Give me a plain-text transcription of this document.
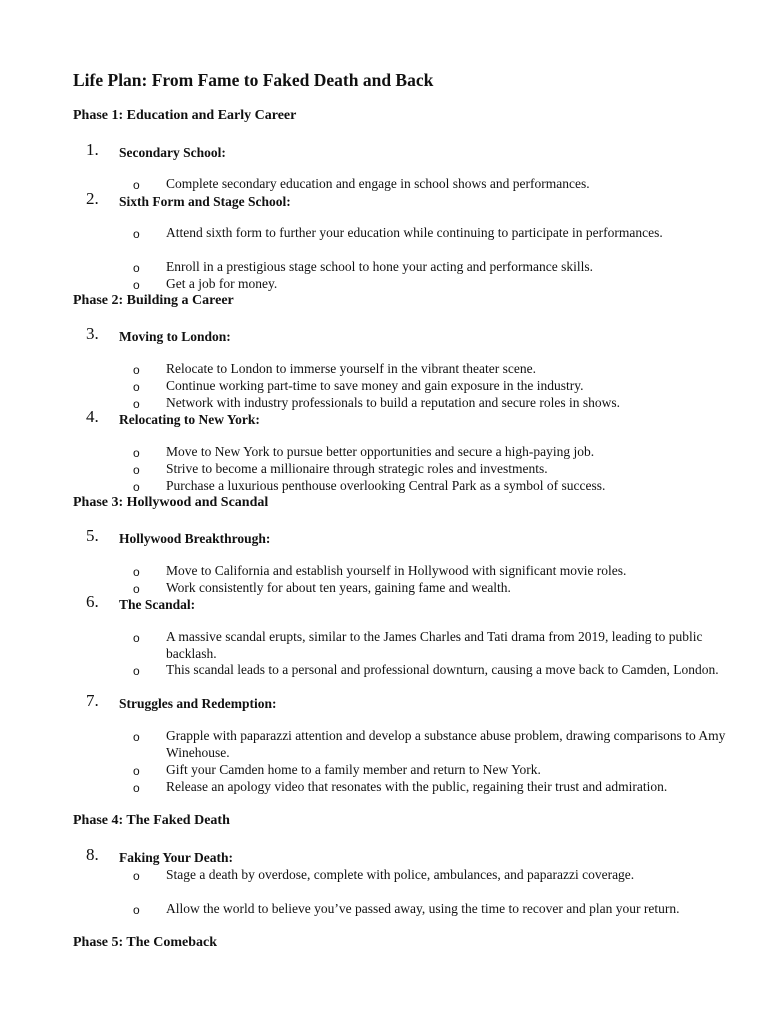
Life Plan: From Fame to Faked Death and Back
Phase 1: Education and Early Career
1. Secondary School:
o Complete secondary education and engage in school shows and performances.
2. Sixth Form and Stage School:
o Attend sixth form to further your education while continuing to participate in performances.
o Enroll in a prestigious stage school to hone your acting and performance skills.
o Get a job for money.
Phase 2: Building a Career
3. Moving to London:
o Relocate to London to immerse yourself in the vibrant theater scene.
o Continue working part-time to save money and gain exposure in the industry.
o Network with industry professionals to build a reputation and secure roles in shows.
4. Relocating to New York:
o Move to New York to pursue better opportunities and secure a high-paying job.
o Strive to become a millionaire through strategic roles and investments.
o Purchase a luxurious penthouse overlooking Central Park as a symbol of success.
Phase 3: Hollywood and Scandal
5. Hollywood Breakthrough:
o Move to California and establish yourself in Hollywood with significant movie roles.
o Work consistently for about ten years, gaining fame and wealth.
6. The Scandal:
o A massive scandal erupts, similar to the James Charles and Tati drama from 2019, leading to public backlash.
o This scandal leads to a personal and professional downturn, causing a move back to Camden, London.
7. Struggles and Redemption:
o Grapple with paparazzi attention and develop a substance abuse problem, drawing comparisons to Amy Winehouse.
o Gift your Camden home to a family member and return to New York.
o Release an apology video that resonates with the public, regaining their trust and admiration.
Phase 4: The Faked Death
8. Faking Your Death:
o Stage a death by overdose, complete with police, ambulances, and paparazzi coverage.
o Allow the world to believe you’ve passed away, using the time to recover and plan your return.
Phase 5: The Comeback
